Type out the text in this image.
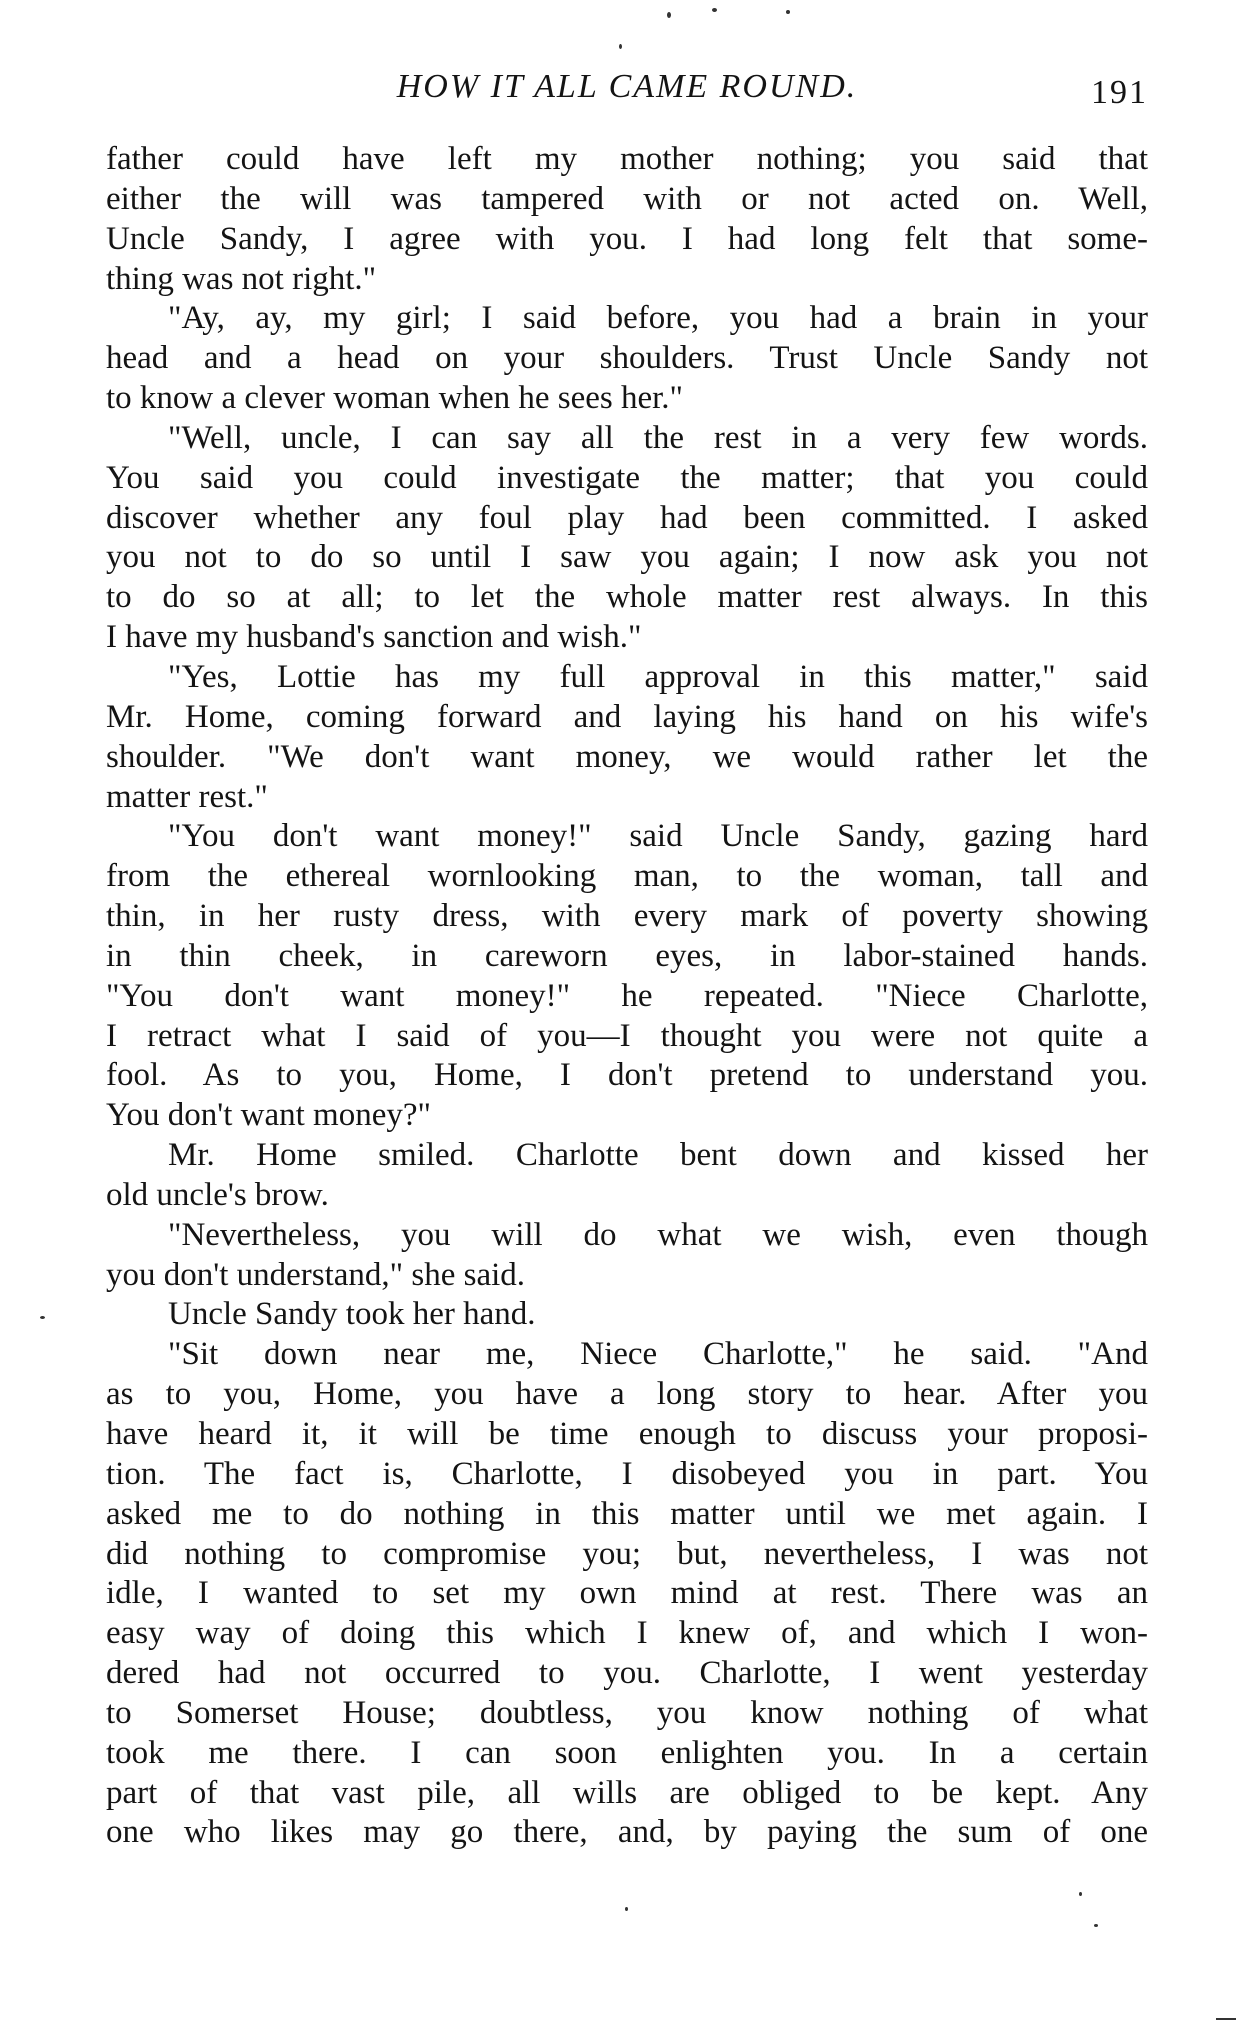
HOW IT ALL CAME ROUND.	191
father could have left my mother nothing; you said that
either the will was tampered with or not acted on. Well,
Uncle Sandy, I agree with you. I had long felt that some-
thing was not right."
"Ay, ay, my girl; I said before, you had a brain in your
head and a head on your shoulders. Trust Uncle Sandy not
to know a clever woman when he sees her."
"Well, uncle, I can say all the rest in a very few words.
You said you could investigate the matter; that you could
discover whether any foul play had been committed. I asked
you not to do so until I saw you again; I now ask you not
to do so at all; to let the whole matter rest always. In this
I have my husband's sanction and wish."
"Yes, Lottie has my full approval in this matter," said
Mr. Home, coming forward and laying his hand on his wife's
shoulder. "We don't want money, we would rather let the
matter rest."
"You don't want money!" said Uncle Sandy, gazing hard
from the ethereal wornlooking man, to the woman, tall and
thin, in her rusty dress, with every mark of poverty showing
in thin cheek, in careworn eyes, in labor-stained hands.
"You don't want money!" he repeated. "Niece Charlotte,
I retract what I said of you—I thought you were not quite a
fool. As to you, Home, I don't pretend to understand you.
You don't want money?"
Mr. Home smiled. Charlotte bent down and kissed her
old uncle's brow.
"Nevertheless, you will do what we wish, even though
you don't understand," she said.
Uncle Sandy took her hand.
"Sit down near me, Niece Charlotte," he said. "And
as to you, Home, you have a long story to hear. After you
have heard it, it will be time enough to discuss your proposi-
tion. The fact is, Charlotte, I disobeyed you in part. You
asked me to do nothing in this matter until we met again. I
did nothing to compromise you; but, nevertheless, I was not
idle, I wanted to set my own mind at rest. There was an
easy way of doing this which I knew of, and which I won-
dered had not occurred to you. Charlotte, I went yesterday
to Somerset House; doubtless, you know nothing of what
took me there. I can soon enlighten you. In a certain
part of that vast pile, all wills are obliged to be kept. Any
one who likes may go there, and, by paying the sum of one
